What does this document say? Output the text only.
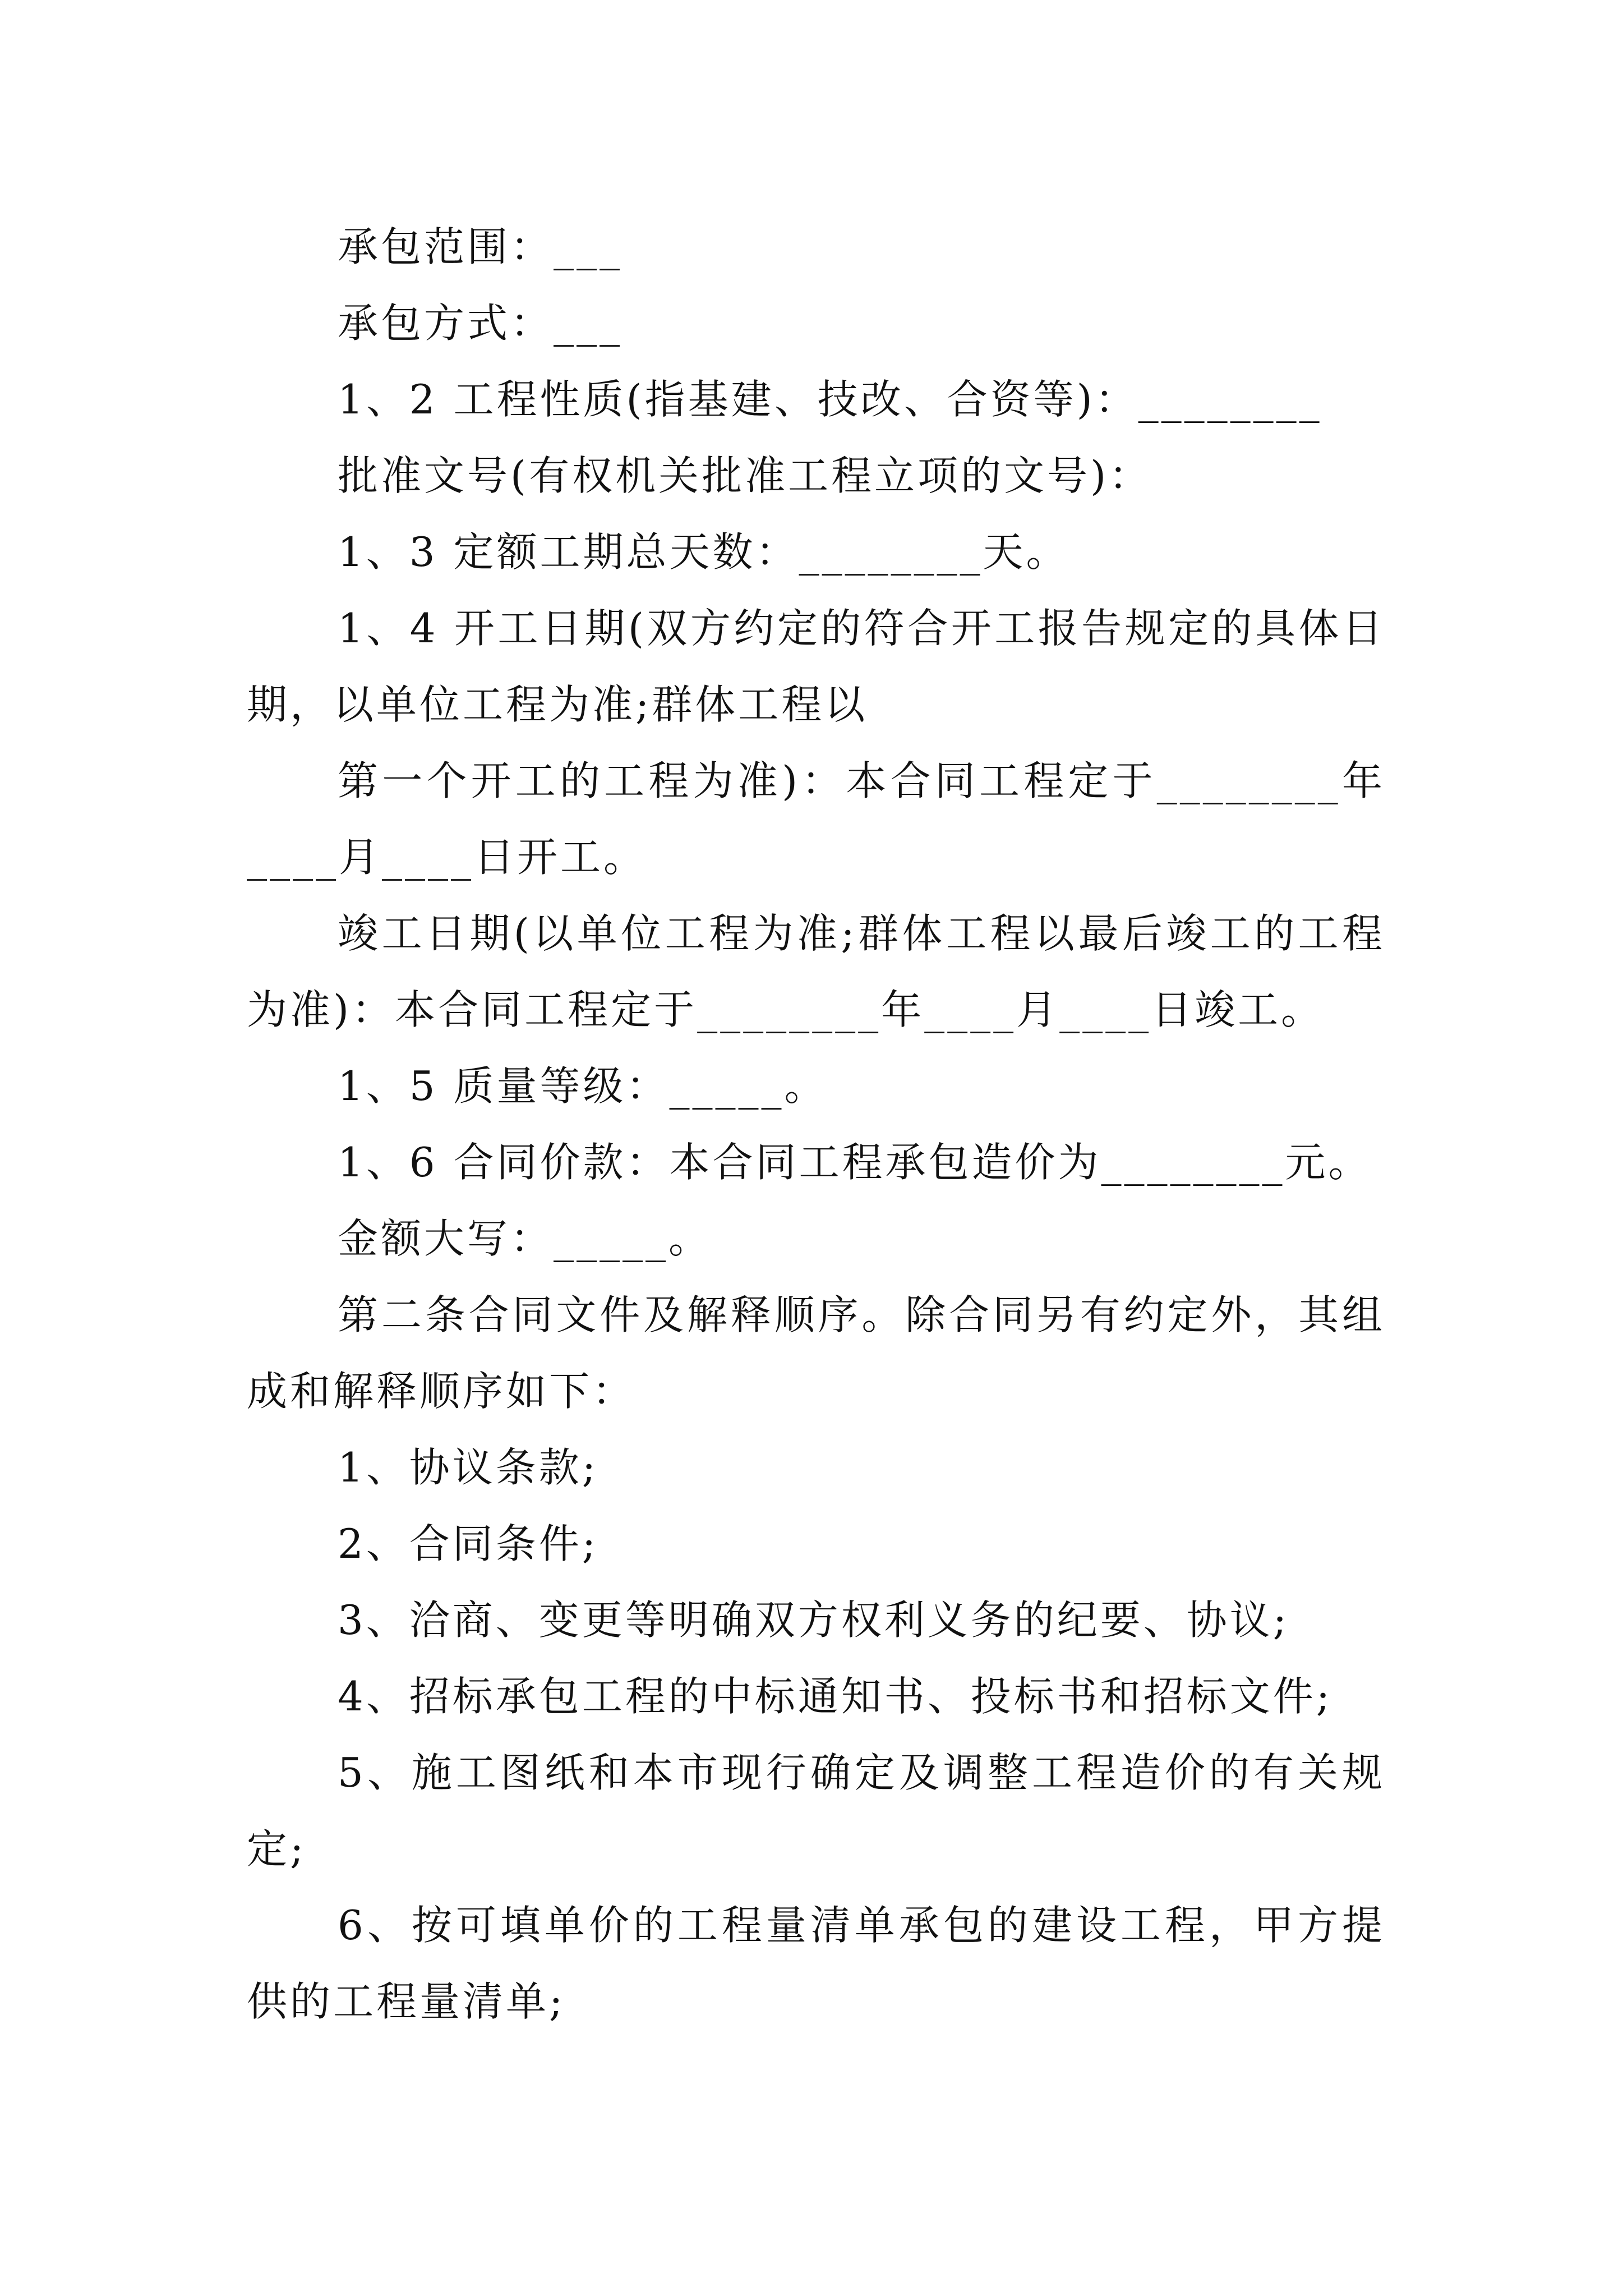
承包范围：___
承包方式：___
1、2 工程性质(指基建、技改、合资等)：________
批准文号(有权机关批准工程立项的文号)：
1、3 定额工期总天数：________天。
1、4 开工日期(双方约定的符合开工报告规定的具体日
期，以单位工程为准;群体工程以
第一个开工的工程为准)：本合同工程定于________年
____月____日开工。
竣工日期(以单位工程为准;群体工程以最后竣工的工程
为准)：本合同工程定于________年____月____日竣工。
1、5 质量等级：_____。
1、6 合同价款：本合同工程承包造价为________元。
金额大写：_____。
第二条合同文件及解释顺序。除合同另有约定外，其组
成和解释顺序如下：
1、协议条款;
2、合同条件;
3、洽商、变更等明确双方权利义务的纪要、协议;
4、招标承包工程的中标通知书、投标书和招标文件;
5、施工图纸和本市现行确定及调整工程造价的有关规
定;
6、按可填单价的工程量清单承包的建设工程，甲方提
供的工程量清单;
